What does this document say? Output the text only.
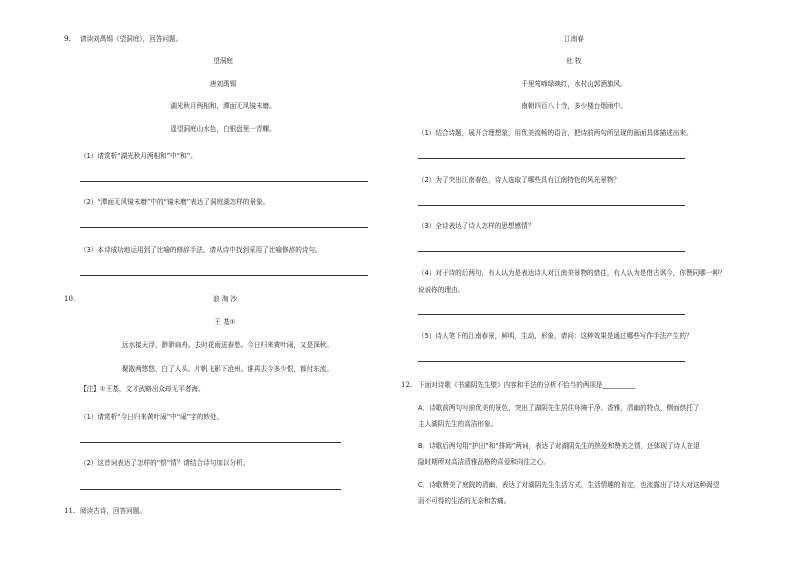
9. 请读刘禹锡《望洞庭》，回答问题。
望洞庭
唐刘禹锡
湖光秋月两相和，潭面无风镜未磨。
遥望洞庭山水色，白银盘里一青螺。
（1）请赏析“湖光秋月两相和”中“和”。
（2）“潭面无风镜未磨”中的“镜未磨”表达了洞庭湖怎样的景象。
（3）本诗成功地运用到了比喻的修辞手法，请从诗中找到采用了比喻修辞的诗句。
10.	浪 淘 沙
王 基①
远水接天浮，渺渺扁舟。去时花雨送春愁。今日归来黄叶闹，又是深秋。
聚散两悠悠，白了人头。片帆飞影下沧州。谁再去今多少恨，都付东流。
【注】①王基，文才武略出众却无平者海。
（1）请赏析“今日归来黄叶闹”中“闹”字的妙处。
（2）这首词表达了怎样的“恨”情？请结合诗句加以分析。
11. 阅读古诗，回答问题。
江南春
杜 牧
千里莺啼绿映红，水村山郭酒旗风。
南朝四百八十寺，多少楼台烟雨中。
（1）结合诗题，展开合理想象，用优美流畅的语言，把诗前两句所呈现的画面具体描述出来。
（2）为了突出江南春色，诗人选取了哪些具有江南特色的风光景物？
（3）全诗表达了诗人怎样的思想感情？
（4）对于诗的后两句，有人认为是表达诗人对江南美景物的惜往，有人认为是借古讽今，你赞同哪一种？
说说你的理由。
（5）诗人笔下的江南春景，鲜明，生动，形象，请问：这种效果是通过哪些写作手法产生的？
12. 下面对诗歌《书湖阴先生壁》内容和手法的分析不恰当的两项是__________
A．诗歌前两句写前优美的景色，突出了湖阴先生居住环境干净、香雅，清幽的特点，侧面烘托了
主人湖阴先生的高洁形象。
B．诗歌后两句用“护田”和“排闼”两词，表达了对湖阴先生的热爱和赞美之情，还体现了诗人在退
隐时期所对高洁清雅品格的喜爱和向往之心。
C．诗歌赞美了庭院的清幽，表达了对湖阴先生生活方式，生活情趣的肯定，也流露出了诗人对这种渴望
而不可得的生活的无奈和苦痛。
